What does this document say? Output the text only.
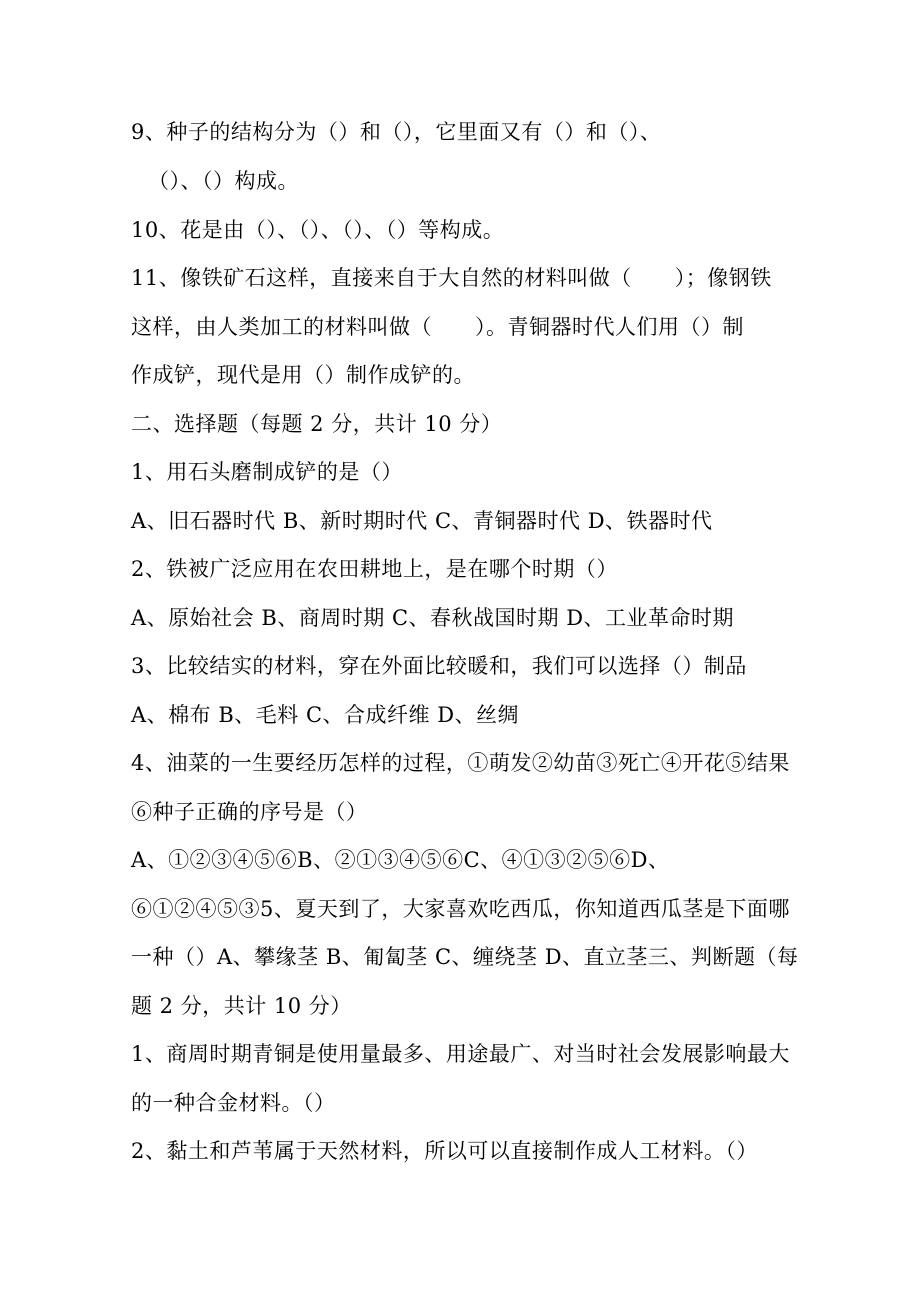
9、种子的结构分为（）和（），它里面又有（）和（）、
（）、（）构成。
10、花是由（）、（）、（）、（）等构成。
11、像铁矿石这样，直接来自于大自然的材料叫做（　　）；像钢铁
这样，由人类加工的材料叫做（　　）。青铜器时代人们用（）制
作成铲，现代是用（）制作成铲的。
二、选择题（每题 2 分，共计 10 分）
1、用石头磨制成铲的是（）
A、旧石器时代 B、新时期时代 C、青铜器时代 D、铁器时代
2、铁被广泛应用在农田耕地上，是在哪个时期（）
A、原始社会 B、商周时期 C、春秋战国时期 D、工业革命时期
3、比较结实的材料，穿在外面比较暖和，我们可以选择（）制品
A、棉布 B、毛料 C、合成纤维 D、丝绸
4、油菜的一生要经历怎样的过程，①萌发②幼苗③死亡④开花⑤结果
⑥种子正确的序号是（）
A、①②③④⑤⑥B、②①③④⑤⑥C、④①③②⑤⑥D、
⑥①②④⑤③5、夏天到了，大家喜欢吃西瓜，你知道西瓜茎是下面哪
一种（）A、攀缘茎 B、匍匐茎 C、缠绕茎 D、直立茎三、判断题（每
题 2 分，共计 10 分）
1、商周时期青铜是使用量最多、用途最广、对当时社会发展影响最大
的一种合金材料。（）
2、黏土和芦苇属于天然材料，所以可以直接制作成人工材料。（）
